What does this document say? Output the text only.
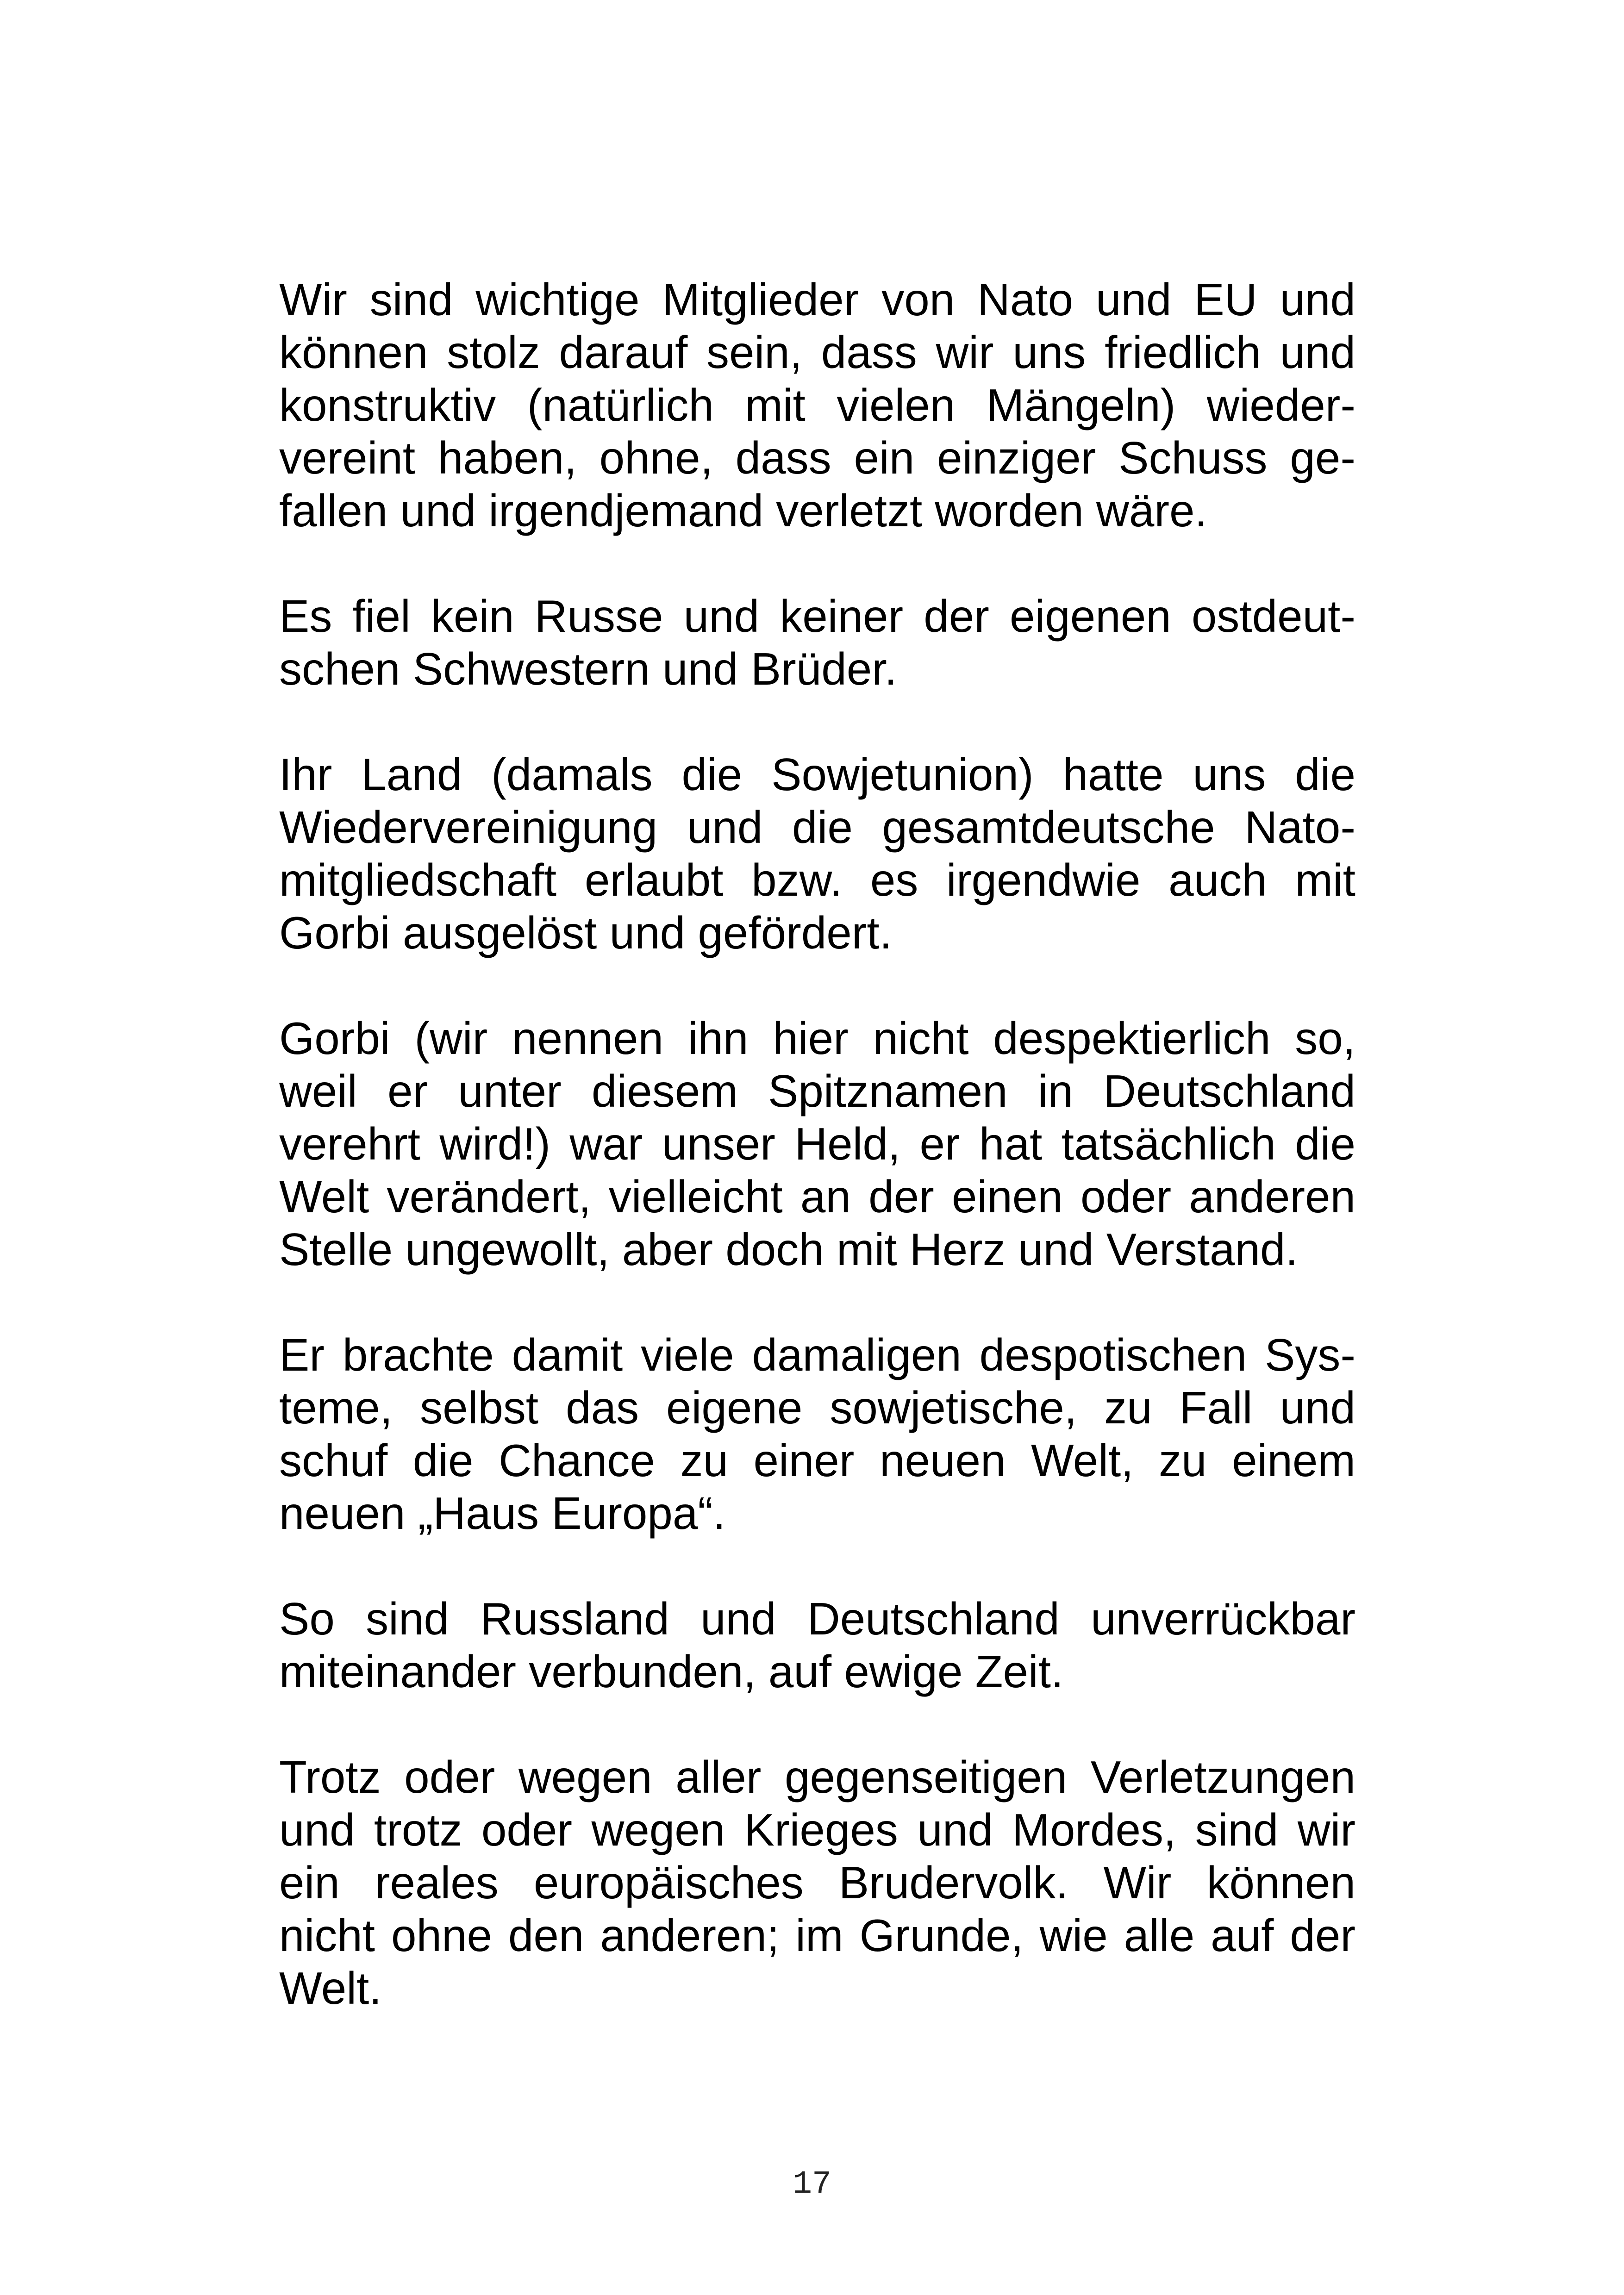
Wir sind wichtige Mitglieder von Nato und EU und
können stolz darauf sein, dass wir uns friedlich und
konstruktiv (natürlich mit vielen Mängeln) wieder-
vereint haben, ohne, dass ein einziger Schuss ge-
fallen und irgendjemand verletzt worden wäre.

Es fiel kein Russe und keiner der eigenen ostdeut-
schen Schwestern und Brüder.

Ihr Land (damals die Sowjetunion) hatte uns die
Wiedervereinigung und die gesamtdeutsche Nato-
mitgliedschaft erlaubt bzw. es irgendwie auch mit
Gorbi ausgelöst und gefördert.

Gorbi (wir nennen ihn hier nicht despektierlich so,
weil er unter diesem Spitznamen in Deutschland
verehrt wird!) war unser Held, er hat tatsächlich die
Welt verändert, vielleicht an der einen oder anderen
Stelle ungewollt, aber doch mit Herz und Verstand.

Er brachte damit viele damaligen despotischen Sys-
teme, selbst das eigene sowjetische, zu Fall und
schuf die Chance zu einer neuen Welt, zu einem
neuen „Haus Europa“.

So sind Russland und Deutschland unverrückbar
miteinander verbunden, auf ewige Zeit.

Trotz oder wegen aller gegenseitigen Verletzungen
und trotz oder wegen Krieges und Mordes, sind wir
ein reales europäisches Brudervolk. Wir können
nicht ohne den anderen; im Grunde, wie alle auf der
Welt.

17
